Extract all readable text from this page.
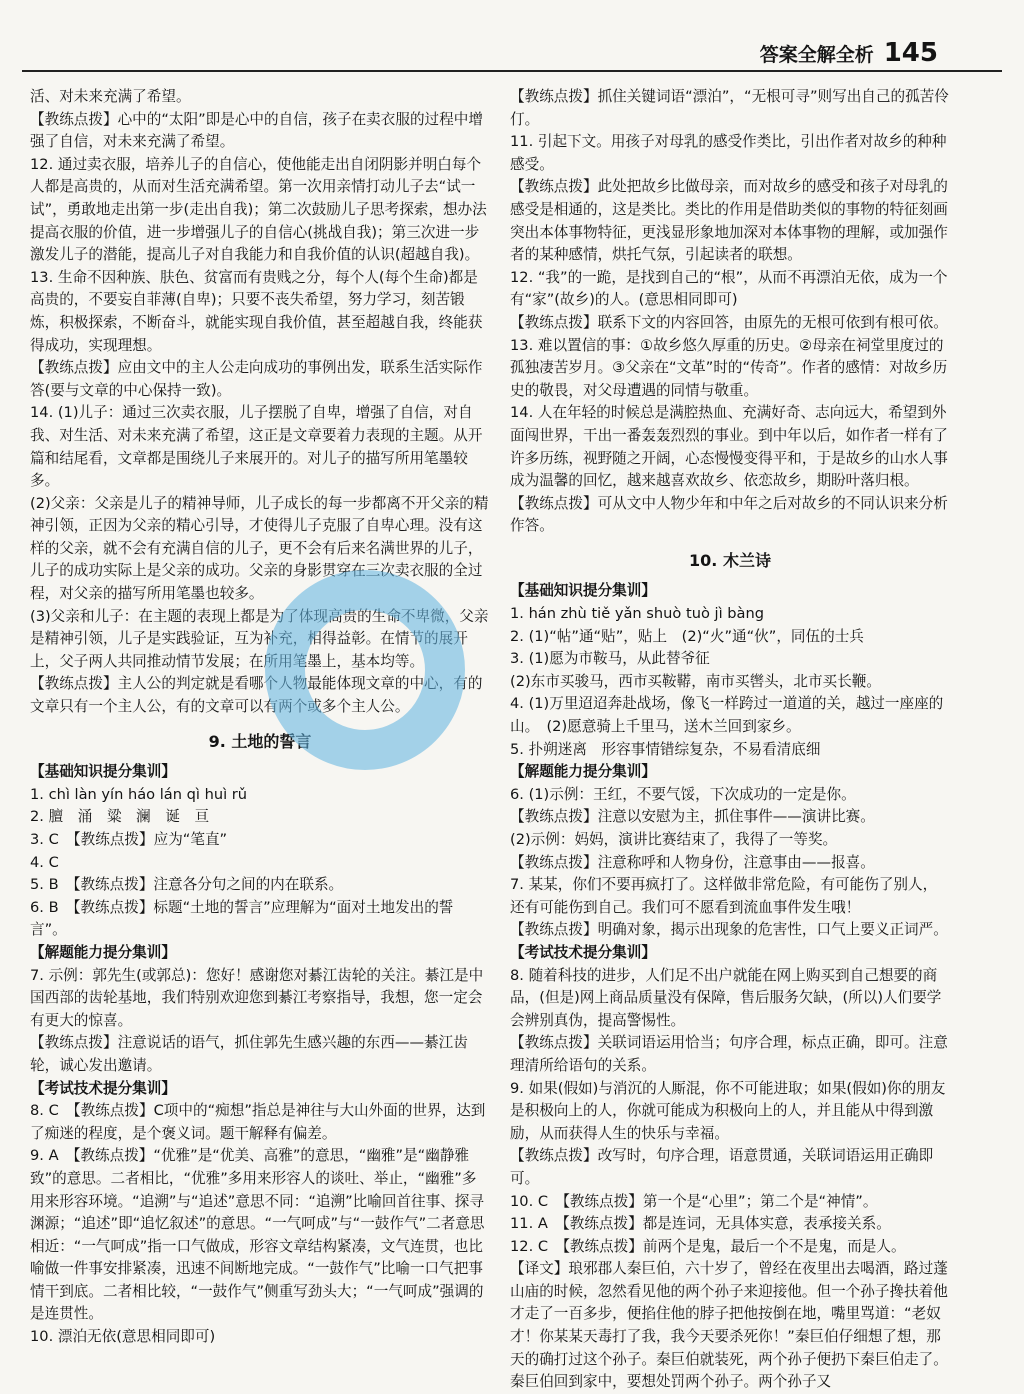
答案全解全析 145

活、对未来充满了希望。

【教练点拨】心中的“太阳”即是心中的自信，孩子在卖衣服的过程中增强了自信，对未来充满了希望。

12. 通过卖衣服，培养儿子的自信心，使他能走出自闭阴影并明白每个人都是高贵的，从而对生活充满希望。第一次用亲情打动儿子去“试一试”，勇敢地走出第一步(走出自我)；第二次鼓励儿子思考探索，想办法提高衣服的价值，进一步增强儿子的自信心(挑战自我)；第三次进一步激发儿子的潜能，提高儿子对自我能力和自我价值的认识(超越自我)。

13. 生命不因种族、肤色、贫富而有贵贱之分，每个人(每个生命)都是高贵的，不要妄自菲薄(自卑)；只要不丧失希望，努力学习，刻苦锻炼，积极探索，不断奋斗，就能实现自我价值，甚至超越自我，终能获得成功，实现理想。

【教练点拨】应由文中的主人公走向成功的事例出发，联系生活实际作答(要与文章的中心保持一致)。

14. (1)儿子：通过三次卖衣服，儿子摆脱了自卑，增强了自信，对自我、对生活、对未来充满了希望，这正是文章要着力表现的主题。从开篇和结尾看，文章都是围绕儿子来展开的。对儿子的描写所用笔墨较多。

(2)父亲：父亲是儿子的精神导师，儿子成长的每一步都离不开父亲的精神引领，正因为父亲的精心引导，才使得儿子克服了自卑心理。没有这样的父亲，就不会有充满自信的儿子，更不会有后来名满世界的儿子，儿子的成功实际上是父亲的成功。父亲的身影贯穿在三次卖衣服的全过程，对父亲的描写所用笔墨也较多。

(3)父亲和儿子：在主题的表现上都是为了体现高贵的生命不卑微，父亲是精神引领，儿子是实践验证，互为补充，相得益彰。在情节的展开上，父子两人共同推动情节发展；在所用笔墨上，基本均等。

【教练点拨】主人公的判定就是看哪个人物最能体现文章的中心，有的文章只有一个主人公，有的文章可以有两个或多个主人公。

9. 土地的誓言

【基础知识提分集训】

1. chì làn yín háo lán qì huì rǔ

2. 膻　涌　粱　澜　诞　亘

3. C　【教练点拨】应为“笔直”

4. C

5. B　【教练点拨】注意各分句之间的内在联系。

6. B　【教练点拨】标题“土地的誓言”应理解为“面对土地发出的誓言”。

【解题能力提分集训】

7. 示例：郭先生(或郭总)：您好！感谢您对綦江齿轮的关注。綦江是中国西部的齿轮基地，我们特别欢迎您到綦江考察指导，我想，您一定会有更大的惊喜。

【教练点拨】注意说话的语气，抓住郭先生感兴趣的东西——綦江齿轮，诚心发出邀请。

【考试技术提分集训】

8. C　【教练点拨】C项中的“痴想”指总是神往与大山外面的世界，达到了痴迷的程度，是个褒义词。题干解释有偏差。

9. A　【教练点拨】“优雅”是“优美、高雅”的意思，“幽雅”是“幽静雅致”的意思。二者相比，“优雅”多用来形容人的谈吐、举止，“幽雅”多用来形容环境。“追溯”与“追述”意思不同：“追溯”比喻回首往事、探寻渊源；“追述”即“追忆叙述”的意思。“一气呵成”与“一鼓作气”二者意思相近：“一气呵成”指一口气做成，形容文章结构紧凑，文气连贯，也比喻做一件事安排紧凑，迅速不间断地完成。“一鼓作气”比喻一口气把事情干到底。二者相比较，“一鼓作气”侧重写劲头大；“一气呵成”强调的是连贯性。

10. 漂泊无依(意思相同即可)

【教练点拨】抓住关键词语“漂泊”，“无根可寻”则写出自己的孤苦伶仃。

11. 引起下文。用孩子对母乳的感受作类比，引出作者对故乡的种种感受。

【教练点拨】此处把故乡比做母亲，而对故乡的感受和孩子对母乳的感受是相通的，这是类比。类比的作用是借助类似的事物的特征刻画突出本体事物特征，更浅显形象地加深对本体事物的理解，或加强作者的某种感情，烘托气氛，引起读者的联想。

12. “我”的一跪，是找到自己的“根”，从而不再漂泊无依，成为一个有“家”(故乡)的人。(意思相同即可)

【教练点拨】联系下文的内容回答，由原先的无根可依到有根可依。

13. 难以置信的事：①故乡悠久厚重的历史。②母亲在祠堂里度过的孤独凄苦岁月。③父亲在“文革”时的“传奇”。作者的感情：对故乡历史的敬畏，对父母遭遇的同情与敬重。

14. 人在年轻的时候总是满腔热血、充满好奇、志向远大，希望到外面闯世界，干出一番轰轰烈烈的事业。到中年以后，如作者一样有了许多历练，视野随之开阔，心态慢慢变得平和，于是故乡的山水人事成为温馨的回忆，越来越喜欢故乡、依恋故乡，期盼叶落归根。

【教练点拨】可从文中人物少年和中年之后对故乡的不同认识来分析作答。

10. 木兰诗

【基础知识提分集训】

1. hán zhù tiě yǎn shuò tuò jì bàng

2. (1)“帖”通“贴”，贴上　(2)“火”通“伙”，同伍的士兵

3. (1)愿为市鞍马，从此替爷征

(2)东市买骏马，西市买鞍鞯，南市买辔头，北市买长鞭。

4. (1)万里迢迢奔赴战场，像飞一样跨过一道道的关，越过一座座的山。　(2)愿意骑上千里马，送木兰回到家乡。

5. 扑朔迷离　形容事情错综复杂，不易看清底细

【解题能力提分集训】

6. (1)示例：王红，不要气馁，下次成功的一定是你。

【教练点拨】注意以安慰为主，抓住事件——演讲比赛。

(2)示例：妈妈，演讲比赛结束了，我得了一等奖。

【教练点拨】注意称呼和人物身份，注意事由——报喜。

7. 某某，你们不要再疯打了。这样做非常危险，有可能伤了别人，还有可能伤到自己。我们可不愿看到流血事件发生哦！

【教练点拨】明确对象，揭示出现象的危害性，口气上要义正词严。

【考试技术提分集训】

8. 随着科技的进步，人们足不出户就能在网上购买到自己想要的商品，(但是)网上商品质量没有保障，售后服务欠缺，(所以)人们要学会辨别真伪，提高警惕性。

【教练点拨】关联词语运用恰当；句序合理，标点正确，即可。注意理清所给语句的关系。

9. 如果(假如)与消沉的人厮混，你不可能进取；如果(假如)你的朋友是积极向上的人，你就可能成为积极向上的人，并且能从中得到激励，从而获得人生的快乐与幸福。

【教练点拨】改写时，句序合理，语意贯通，关联词语运用正确即可。

10. C　【教练点拨】第一个是“心里”；第二个是“神情”。

11. A　【教练点拨】都是连词，无具体实意，表承接关系。

12. C　【教练点拨】前两个是鬼，最后一个不是鬼，而是人。

【译文】琅邪郡人秦巨伯，六十岁了，曾经在夜里出去喝酒，路过蓬山庙的时候，忽然看见他的两个孙子来迎接他。但一个孙子搀扶着他才走了一百多步，便掐住他的脖子把他按倒在地，嘴里骂道：“老奴才！你某某天毒打了我，我今天要杀死你！”秦巨伯仔细想了想，那天的确打过这个孙子。秦巨伯就装死，两个孙子便扔下秦巨伯走了。秦巨伯回到家中，要想处罚两个孙子。两个孙子又
